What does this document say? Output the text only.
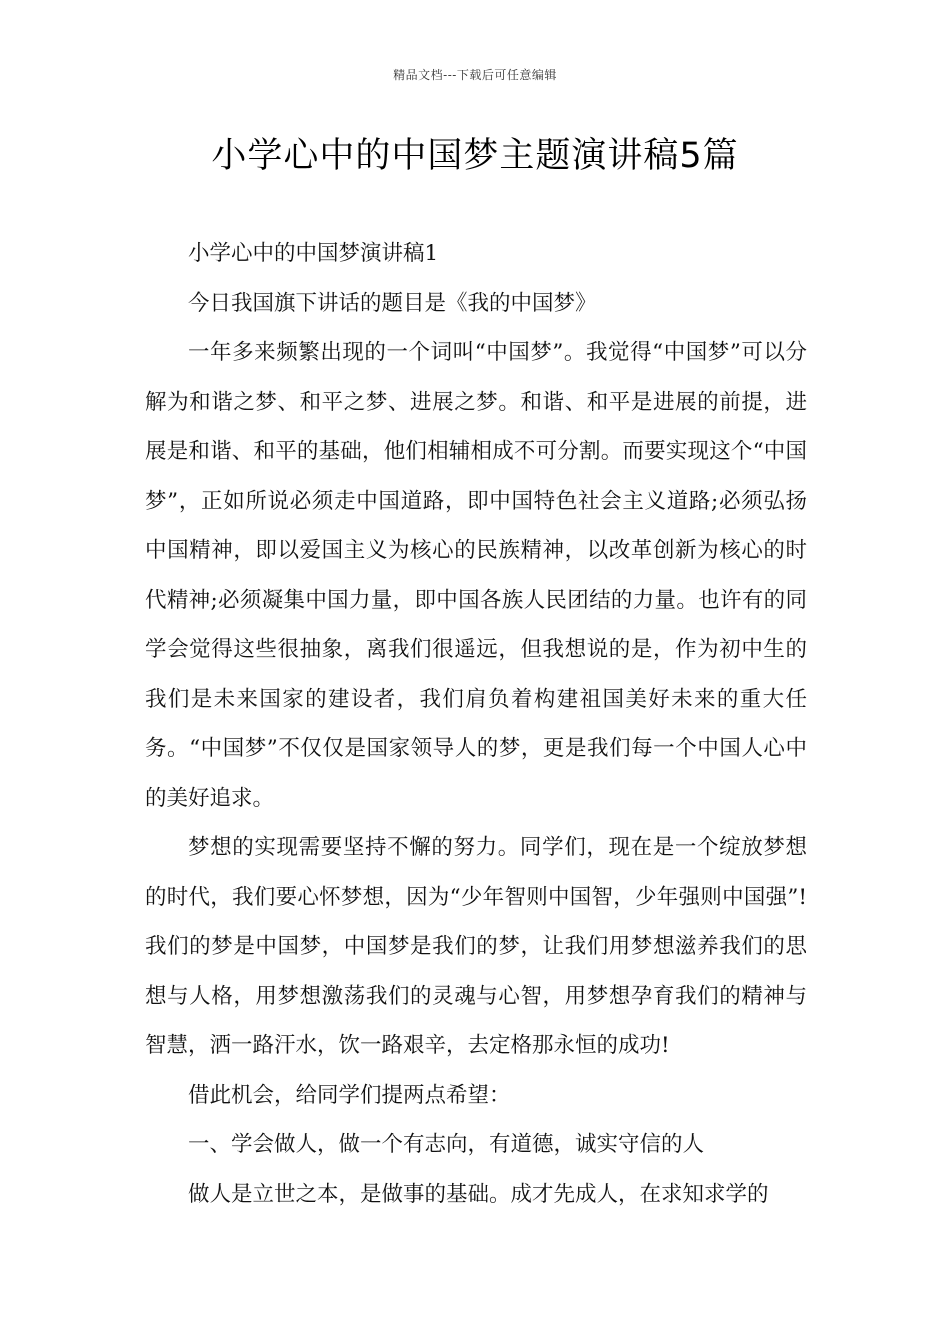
精品文档---下载后可任意编辑
小学心中的中国梦主题演讲稿5篇

小学心中的中国梦演讲稿1

今日我国旗下讲话的题目是《我的中国梦》

一年多来频繁出现的一个词叫“中国梦”。我觉得“中国梦”可以分解为和谐之梦、和平之梦、进展之梦。和谐、和平是进展的前提，进展是和谐、和平的基础，他们相辅相成不可分割。而要实现这个“中国梦”，正如所说必须走中国道路，即中国特色社会主义道路;必须弘扬中国精神，即以爱国主义为核心的民族精神，以改革创新为核心的时代精神;必须凝集中国力量，即中国各族人民团结的力量。也许有的同学会觉得这些很抽象，离我们很遥远，但我想说的是，作为初中生的我们是未来国家的建设者，我们肩负着构建祖国美好未来的重大任务。“中国梦”不仅仅是国家领导人的梦，更是我们每一个中国人心中的美好追求。

梦想的实现需要坚持不懈的努力。同学们，现在是一个绽放梦想的时代，我们要心怀梦想，因为“少年智则中国智，少年强则中国强”!我们的梦是中国梦，中国梦是我们的梦，让我们用梦想滋养我们的思想与人格，用梦想激荡我们的灵魂与心智，用梦想孕育我们的精神与智慧，洒一路汗水，饮一路艰辛，去定格那永恒的成功!

借此机会，给同学们提两点希望：

一、学会做人，做一个有志向，有道德，诚实守信的人

做人是立世之本，是做事的基础。成才先成人，在求知求学的
